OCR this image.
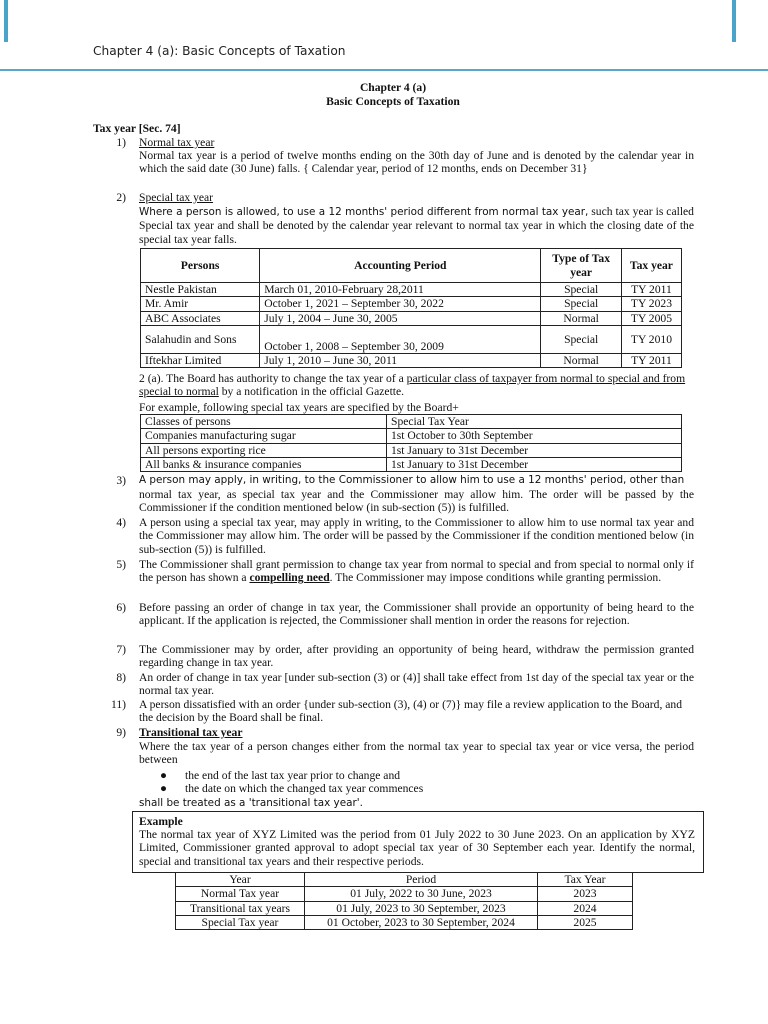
Chapter 4 (a): Basic Concepts of Taxation
Chapter 4 (a)
Basic Concepts of Taxation
Tax year [Sec. 74]
1) Normal tax year
Normal tax year is a period of twelve months ending on the 30th day of June and is denoted by the calendar year in which the said date (30 June) falls. { Calendar year, period of 12 months, ends on December 31}
2) Special tax year
Where a person is allowed, to use a 12 months' period different from normal tax year, such tax year is called Special tax year and shall be denoted by the calendar year relevant to normal tax year in which the closing date of the special tax year falls.
Persons	Accounting Period	Type of Tax year	Tax year
Nestle Pakistan	March 01, 2010-February 28,2011	Special	TY 2011
Mr. Amir	October 1, 2021 – September 30, 2022	Special	TY 2023
ABC Associates	July 1, 2004 – June 30, 2005	Normal	TY 2005
Salahudin and Sons	October 1, 2008 – September 30, 2009	Special	TY 2010
Iftekhar Limited	July 1, 2010 – June 30, 2011	Normal	TY 2011
2 (a). The Board has authority to change the tax year of a particular class of taxpayer from normal to special and from special to normal by a notification in the official Gazette.
For example, following special tax years are specified by the Board+
Classes of persons	Special Tax Year
Companies manufacturing sugar	1st October to 30th September
All persons exporting rice	1st January to 31st December
All banks & insurance companies	1st January to 31st December
3) A person may apply, in writing, to the Commissioner to allow him to use a 12 months' period, other than
normal tax year, as special tax year and the Commissioner may allow him. The order will be passed by the Commissioner if the condition mentioned below (in sub-section (5)) is fulfilled.
4) A person using a special tax year, may apply in writing, to the Commissioner to allow him to use normal tax year and the Commissioner may allow him. The order will be passed by the Commissioner if the condition mentioned below (in sub-section (5)) is fulfilled.
5) The Commissioner shall grant permission to change tax year from normal to special and from special to normal only if the person has shown a compelling need. The Commissioner may impose conditions while granting permission.
6) Before passing an order of change in tax year, the Commissioner shall provide an opportunity of being heard to the applicant. If the application is rejected, the Commissioner shall mention in order the reasons for rejection.
7) The Commissioner may by order, after providing an opportunity of being heard, withdraw the permission granted regarding change in tax year.
8) An order of change in tax year [under sub-section (3) or (4)] shall take effect from 1st day of the special tax year or the normal tax year.
11) A person dissatisfied with an order {under sub-section (3), (4) or (7)} may file a review application to the Board, and the decision by the Board shall be final.
9) Transitional tax year
Where the tax year of a person changes either from the normal tax year to special tax year or vice versa, the period between
● the end of the last tax year prior to change and
● the date on which the changed tax year commences
shall be treated as a 'transitional tax year'.
Example
The normal tax year of XYZ Limited was the period from 01 July 2022 to 30 June 2023. On an application by XYZ Limited, Commissioner granted approval to adopt special tax year of 30 September each year. Identify the normal, special and transitional tax years and their respective periods.
Year	Period	Tax Year
Normal Tax year	01 July, 2022 to 30 June, 2023	2023
Transitional tax years	01 July, 2023 to 30 September, 2023	2024
Special Tax year	01 October, 2023 to 30 September, 2024	2025
